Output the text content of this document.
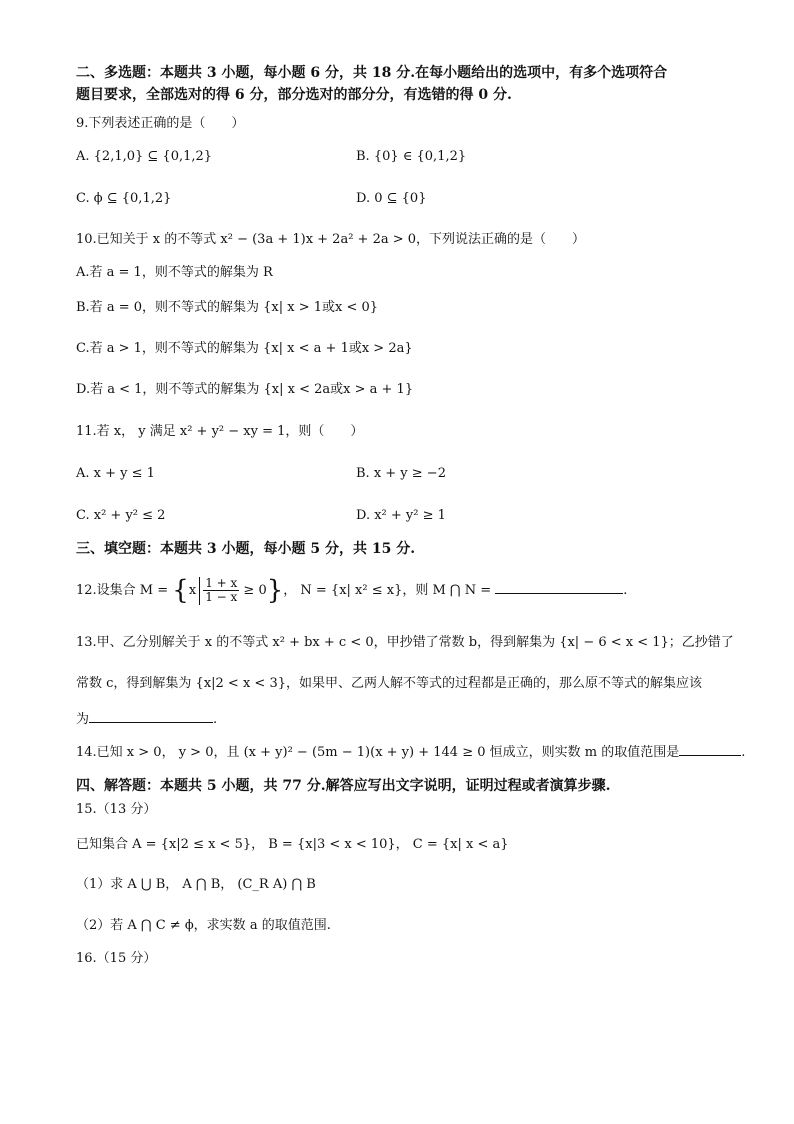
二、多选题：本题共 3 小题，每小题 6 分，共 18 分.在每小题给出的选项中，有多个选项符合
题目要求，全部选对的得 6 分，部分选对的部分分，有选错的得 0 分.
9.下列表述正确的是（　　）
A. {2,1,0} ⊆ {0,1,2}	B. {0} ∈ {0,1,2}
C. ϕ ⊆ {0,1,2}	D. 0 ⊆ {0}
10.已知关于 x 的不等式 x² − (3a + 1)x + 2a² + 2a > 0，下列说法正确的是（　　）
A.若 a = 1，则不等式的解集为 R
B.若 a = 0，则不等式的解集为 {x| x > 1或x < 0}
C.若 a > 1，则不等式的解集为 {x| x < a + 1或x > 2a}
D.若 a < 1，则不等式的解集为 {x| x < 2a或x > a + 1}
11.若 x， y 满足 x² + y² − xy = 1，则（　　）
A. x + y ≤ 1	B. x + y ≥ −2
C. x² + y² ≤ 2	D. x² + y² ≥ 1
三、填空题：本题共 3 小题，每小题 5 分，共 15 分.
12.设集合 $M = \{x \frac{1 + x}{1 - x} \ge 0\}$， N = {x| x² ≤ x}，则 M ⋂ N =	.
13.甲、乙分别解关于 x 的不等式 x² + bx + c < 0，甲抄错了常数 b，得到解集为 {x| − 6 < x < 1}；乙抄错了
常数 c，得到解集为 {x|2 < x < 3}，如果甲、乙两人解不等式的过程都是正确的，那么原不等式的解集应该
为	.
14.已知 x > 0， y > 0，且 (x + y)² − (5m − 1)(x + y) + 144 ≥ 0 恒成立，则实数 m 的取值范围是	.
四、解答题：本题共 5 小题，共 77 分.解答应写出文字说明，证明过程或者演算步骤.
15.（13 分）
已知集合 A = {x|2 ≤ x < 5}， B = {x|3 < x < 10}， C = {x| x < a}
（1）求 A ⋃ B， A ⋂ B， (C_R A) ⋂ B
（2）若 A ⋂ C ≠ ϕ，求实数 a 的取值范围.
16.（15 分）
